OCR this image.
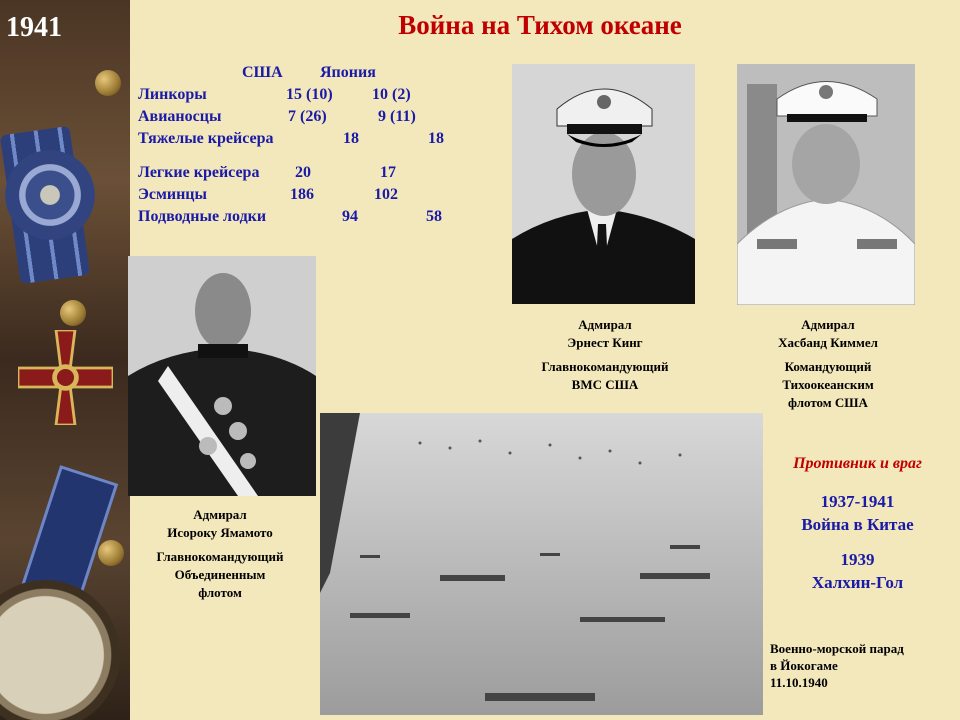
1941	Война на Тихом океане
США Япония
Линкоры	15 (10) 10 (2)
Авианосцы	7 (26)	9 (11)
Тяжелые крейсера	18	18
Легкие крейсера 20	17
Эсминцы	186	102
Подводные лодки	94	58
Адмирал
Эрнест Кинг
Главнокомандующий
ВМС США
Адмирал
Хасбанд Киммел
Командующий
Тихоокеанским
флотом США
Адмирал
Исороку Ямамото
Главнокомандующий
Объединенным
флотом
Противник и враг
1937-1941
Война в Китае
1939
Халхин-Гол
Военно-морской парад
в Йокогаме
11.10.1940
